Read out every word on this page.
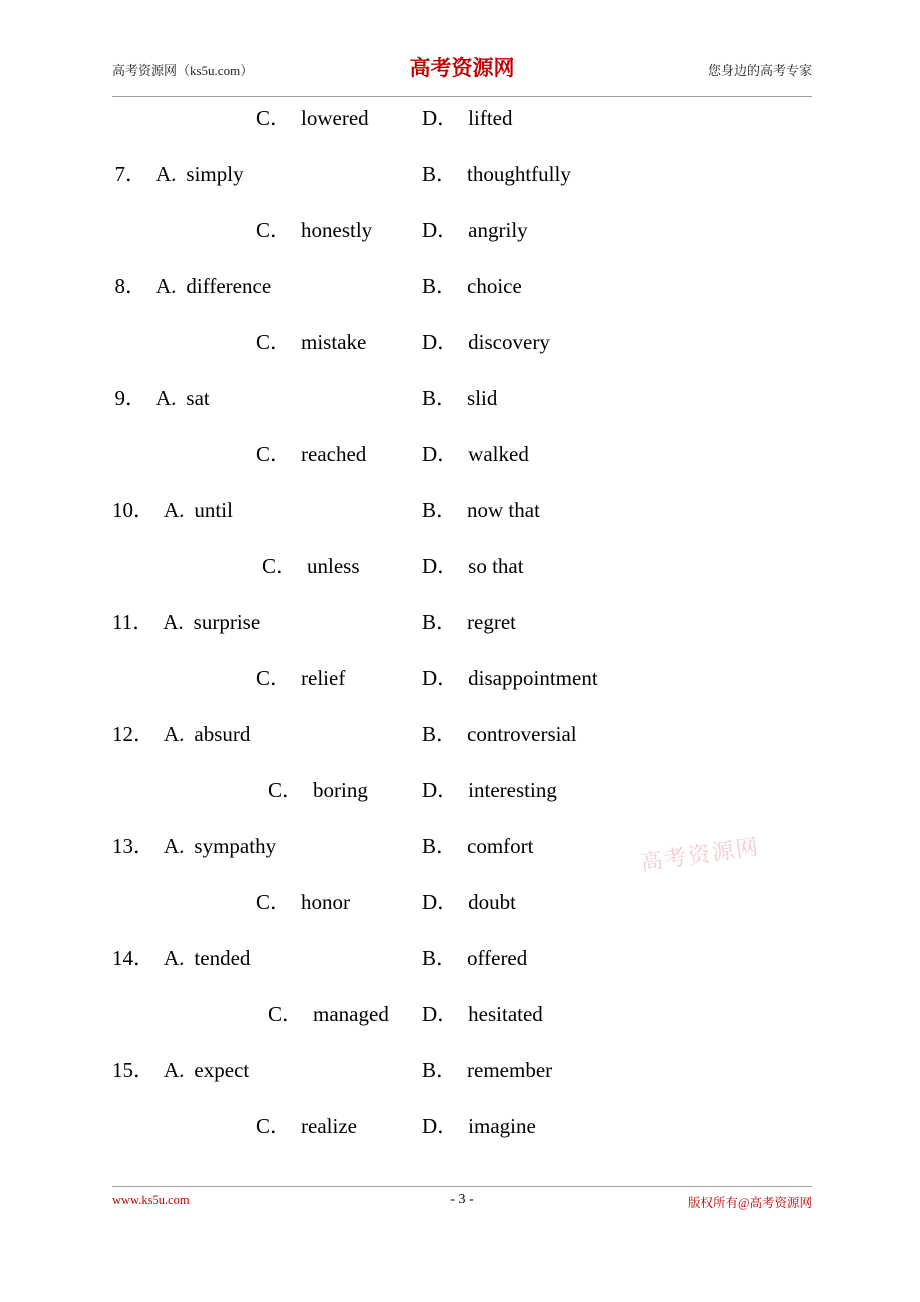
高考资源网（ks5u.com）	高考资源网	您身边的高考专家
C． lowered	D． lifted
7． A. simply	B． thoughtfully
C． honestly D． angrily
8． A. difference	B． choice
C． mistake	D． discovery
9． A. sat	B． slid
C． reached	D． walked
10． A. until	B． now that
C． unless	D． so that
11． A. surprise	B． regret
C． relief	D． disappointment
12． A. absurd	B． controversial
C． boring	D． interesting
13． A. sympathy	B． comfort
C． honor	D． doubt
14． A. tended	B． offered
C． managed D． hesitated
15． A. expect	B． remember
C． realize	D． imagine
高考资源网
www.ks5u.com	- 3 -	版权所有@高考资源网
